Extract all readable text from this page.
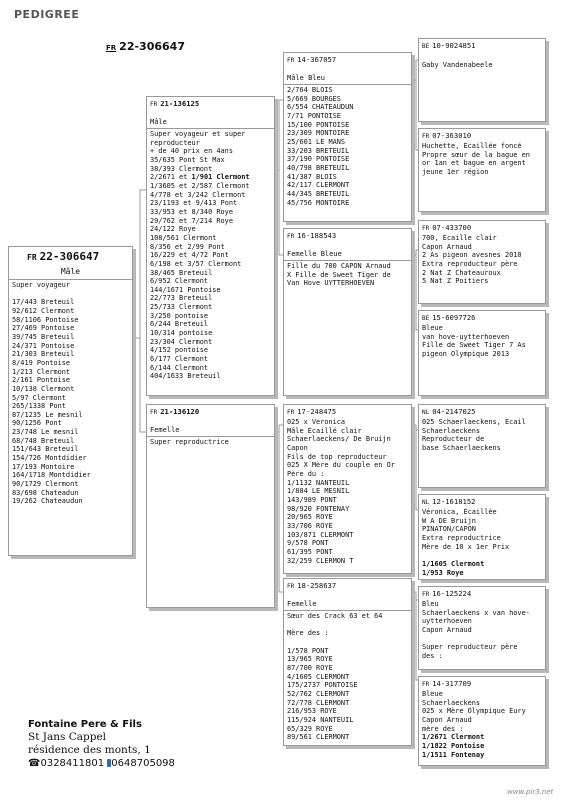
PEDIGREE
FR 22-306647
FR 22-306647
Mâle
Super voyageur
17/443 Breteuil
92/612 Clermont
58/1106 Pontoise
27/469 Pontoise
39/745 Breteuil
24/371 Pontoise
21/303 Breteuil
8/419 Pontoise
1/213 Clermont
2/161 Pontoise
10/138 Clermont
5/97 Clermont
265/1338 Pont
87/1235 Le mesnil
90/1256 Pont
23/748 Le mesnil
68/748 Breteuil
151/643 Breteuil
154/726 Montdidier
17/193 Montoire
164/1718 Montdidier
90/1729 Clermont
83/698 Chateadun
19/262 Chateaudun
FR 21-136125
Mâle
Super voyageur et super
reproducteur
+ de 40 prix en 4ans
35/635 Pont St Max
38/393 Clermont
2/2671 et 1/901 Clermont
1/3605 et 2/587 Clermont
4/778 et 3/242 Clermont
23/1193 et 9/413 Pont
33/953 et 8/340 Roye
29/762 et 7/214 Roye
24/122 Roye
108/561 Clermont
8/356 et 2/99 Pont
16/229 et 4/72 Pont
6/198 et 3/57 Clermont
38/465 Breteuil
6/952 Clermont
144/1671 Pontoise
22/773 Breteuil
25/733 Clermont
3/250 pontoise
6/244 Breteuil
10/314 pontoise
23/304 Clermont
4/152 pontoise
6/177 Clermont
6/144 Clermont
404/1633 Breteuil
FR 21-136120
Femelle
Super reproductrice
FR 14-367057
Mâle Bleu
2/764 BLOIS
5/669 BOURGES
6/554 CHATEAUDUN
7/71 PONTOISE
15/100 PONTOISE
23/309 MONTOIRE
25/601 LE MANS
33/203 BRETEUIL
37/190 PONTOISE
40/798 BRETEUIL
41/387 BLOIS
42/117 CLERMONT
44/345 BRETEUIL
45/756 MONTOIRE
FR 16-188543
Femelle Bleue
Fille du 700 CAPON Arnaud
X Fille de Sweet Tiger de
Van Hove UYTTERHOEVEN
FR 17-248475
025 x Veronica
Mâle Écaillé clair
Schaerlaeckens/ De Bruijn
Capon
Fils de top reproducteur
025 X Mère du couple en Or
Père du :
1/1132 NANTEUIL
1/884 LE MESNIL
143/989 PONT
98/920 FONTENAY
20/965 ROYE
33/706 ROYE
103/871 CLERMONT
9/578 PONT
61/395 PONT
32/259 CLERMON T
FR 18-258637
Femelle
Sœur des Crack 63 et 64
Mère des :
1/578 PONT
13/965 ROYE
87/700 ROYE
4/1605 CLERMONT
175/2737 PONTOISE
52/762 CLERMONT
72/778 CLERMONT
216/953 ROYE
115/924 NANTEUIL
65/329 ROYE
89/561 CLERMONT
BE 10-9024851
Gaby Vandenabeele
FR 07-363010
Huchette, Écaillée foncé
Propre sœur de la bague en
or 1an et bague en argent
jeune 1er région
FR 07-433700
700, Écaille clair
Capon Arnaud
2 As pigeon avesnes 2010
Extra reproducteur père
2 Nat Z Chateauroux
5 Nat Z Poitiers
BE 15-6097726
Bleue
van hove-uytterhoeven
Fille de Sweet Tiger 7 As
pigeon Olympique 2013
NL 04-2147025
025 Schaerlaeckens, Écail
Schaerlaeckens
Reproducteur de
base Schaerlaeckens
NL 12-1618152
Véronica, Écaillée
W A DE Bruijn
PINATON/CAPON
Extra reproductrice
Mère de 10 x 1er Prix
1/1605 Clermont
1/953 Roye
FR 16-125224
Bleu
Schaerlaeckens x van hove-
uytterhoeven
Capon Arnaud
Super reproducteur père
des :
FR 14-317709
Bleue
Schaerlaeckens
025 x Mère Olympique Eury
Capon Arnaud
mère des :
1/2671 Clermont
1/1822 Pontoise
1/1511 Fontenay
Fontaine Pere & Fils
St Jans Cappel
résidence des monts, 1
☎0328411801 0648705098
www.pir3.net
